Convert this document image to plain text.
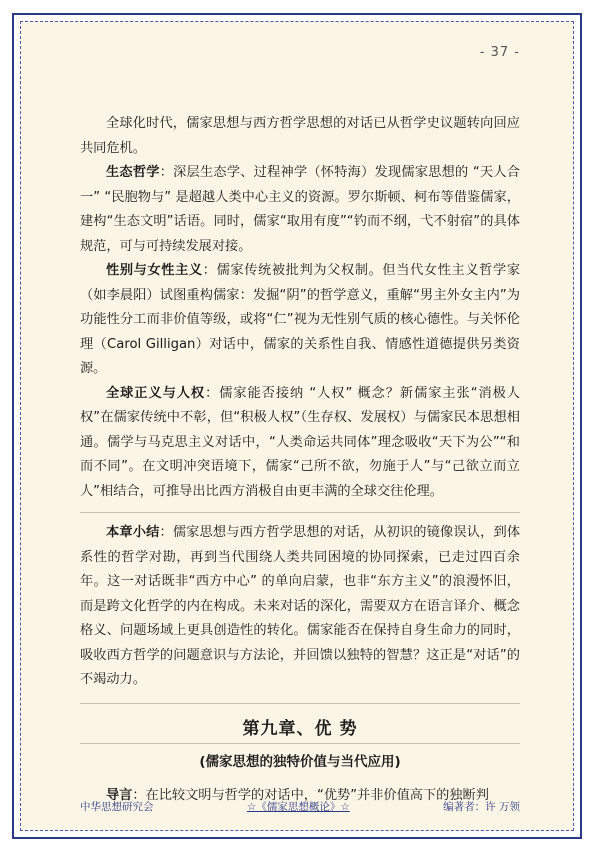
- 37 -

全球化时代，儒家思想与西方哲学思想的对话已从哲学史议题转向回应共同危机。

生态哲学：深层生态学、过程神学（怀特海）发现儒家思想的 “天人合一” “民胞物与” 是超越人类中心主义的资源。罗尔斯顿、柯布等借鉴儒家，建构“生态文明”话语。同时，儒家“取用有度”“钓而不纲，弋不射宿”的具体规范，可与可持续发展对接。

性别与女性主义：儒家传统被批判为父权制。但当代女性主义哲学家（如李晨阳）试图重构儒家：发掘“阴”的哲学意义，重解“男主外女主内”为功能性分工而非价值等级，或将“仁”视为无性别气质的核心德性。与关怀伦理（Carol Gilligan）对话中，儒家的关系性自我、情感性道德提供另类资源。

全球正义与人权：儒家能否接纳 “人权” 概念？新儒家主张“消极人权”在儒家传统中不彰，但“积极人权”（生存权、发展权）与儒家民本思想相通。儒学与马克思主义对话中，“人类命运共同体”理念吸收“天下为公”“和而不同”。在文明冲突语境下，儒家“己所不欲，勿施于人”与“己欲立而立人”相结合，可推导出比西方消极自由更丰满的全球交往伦理。

本章小结：儒家思想与西方哲学思想的对话，从初识的镜像误认，到体系性的哲学对勘，再到当代围绕人类共同困境的协同探索，已走过四百余年。这一对话既非“西方中心” 的单向启蒙，也非“东方主义”的浪漫怀旧，而是跨文化哲学的内在构成。未来对话的深化，需要双方在语言译介、概念格义、问题场域上更具创造性的转化。儒家能否在保持自身生命力的同时，吸收西方哲学的问题意识与方法论，并回馈以独特的智慧？这正是“对话”的不竭动力。

第九章、优 势
(儒家思想的独特价值与当代应用)

导言：在比较文明与哲学的对话中，“优势”并非价值高下的独断判

中华思想研究会	☆《儒家思想概论》☆	编著者：许 万领
